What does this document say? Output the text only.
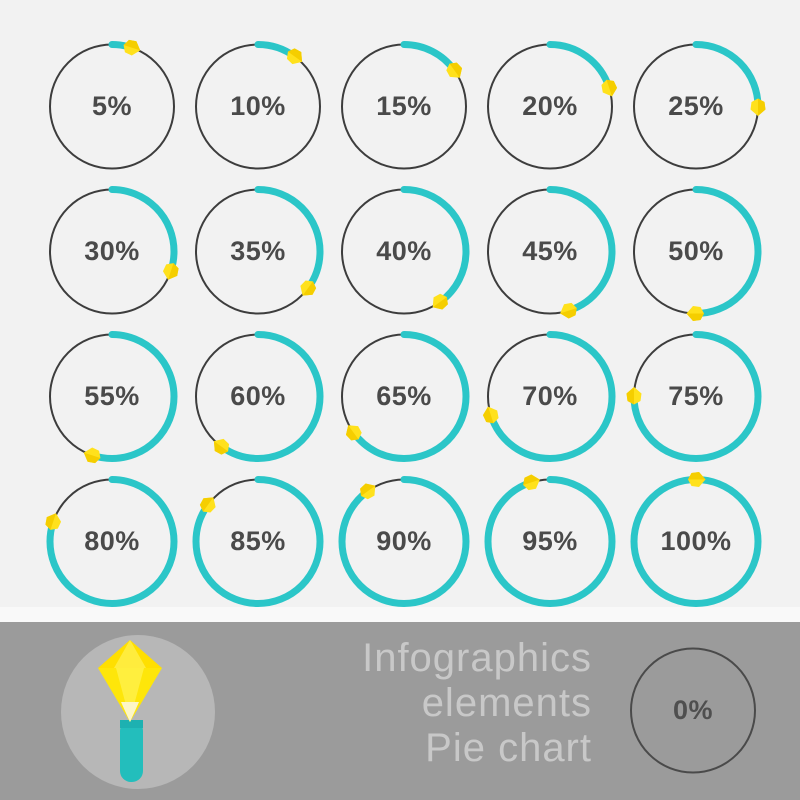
5%	10%	15%	20%	25%
30%	35%	40%	45%	50%
55%	60%	65%	70%	75%
80%	85%	90%	95%	100%
Infographics
elements
Pie chart
0%
